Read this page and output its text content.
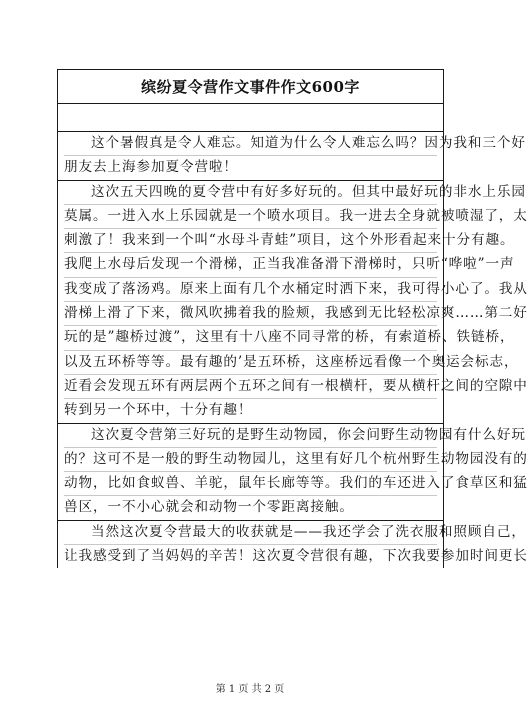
缤纷夏令营作文事件作文600字
这个暑假真是令人难忘。知道为什么令人难忘么吗？因为我和三个好
朋友去上海参加夏令营啦！
这次五天四晚的夏令营中有好多好玩的。但其中最好玩的非水上乐园
莫属。一进入水上乐园就是一个喷水项目。我一进去全身就被喷湿了，太
刺激了！我来到一个叫“水母斗青蛙”项目，这个外形看起来十分有趣。
我爬上水母后发现一个滑梯，正当我准备滑下滑梯时，只听“哗啦”一声
我变成了落汤鸡。原来上面有几个水桶定时洒下来，我可得小心了。我从
滑梯上滑了下来，微风吹拂着我的脸颊，我感到无比轻松凉爽……第二好
玩的是”趣桥过渡”，这里有十八座不同寻常的桥，有索道桥、铁链桥，
以及五环桥等等。最有趣的’是五环桥，这座桥远看像一个奥运会标志，
近看会发现五环有两层两个五环之间有一根横杆，要从横杆之间的空隙中
转到另一个环中，十分有趣！
这次夏令营第三好玩的是野生动物园，你会问野生动物园有什么好玩
的？这可不是一般的野生动物园儿，这里有好几个杭州野生动物园没有的
动物，比如食蚁兽、羊驼，鼠年长廊等等。我们的车还进入了食草区和猛
兽区，一不小心就会和动物一个零距离接触。
当然这次夏令营最大的收获就是——我还学会了洗衣服和照顾自己，
让我感受到了当妈妈的辛苦！这次夏令营很有趣，下次我要参加时间更长
第 1 页 共 2 页
